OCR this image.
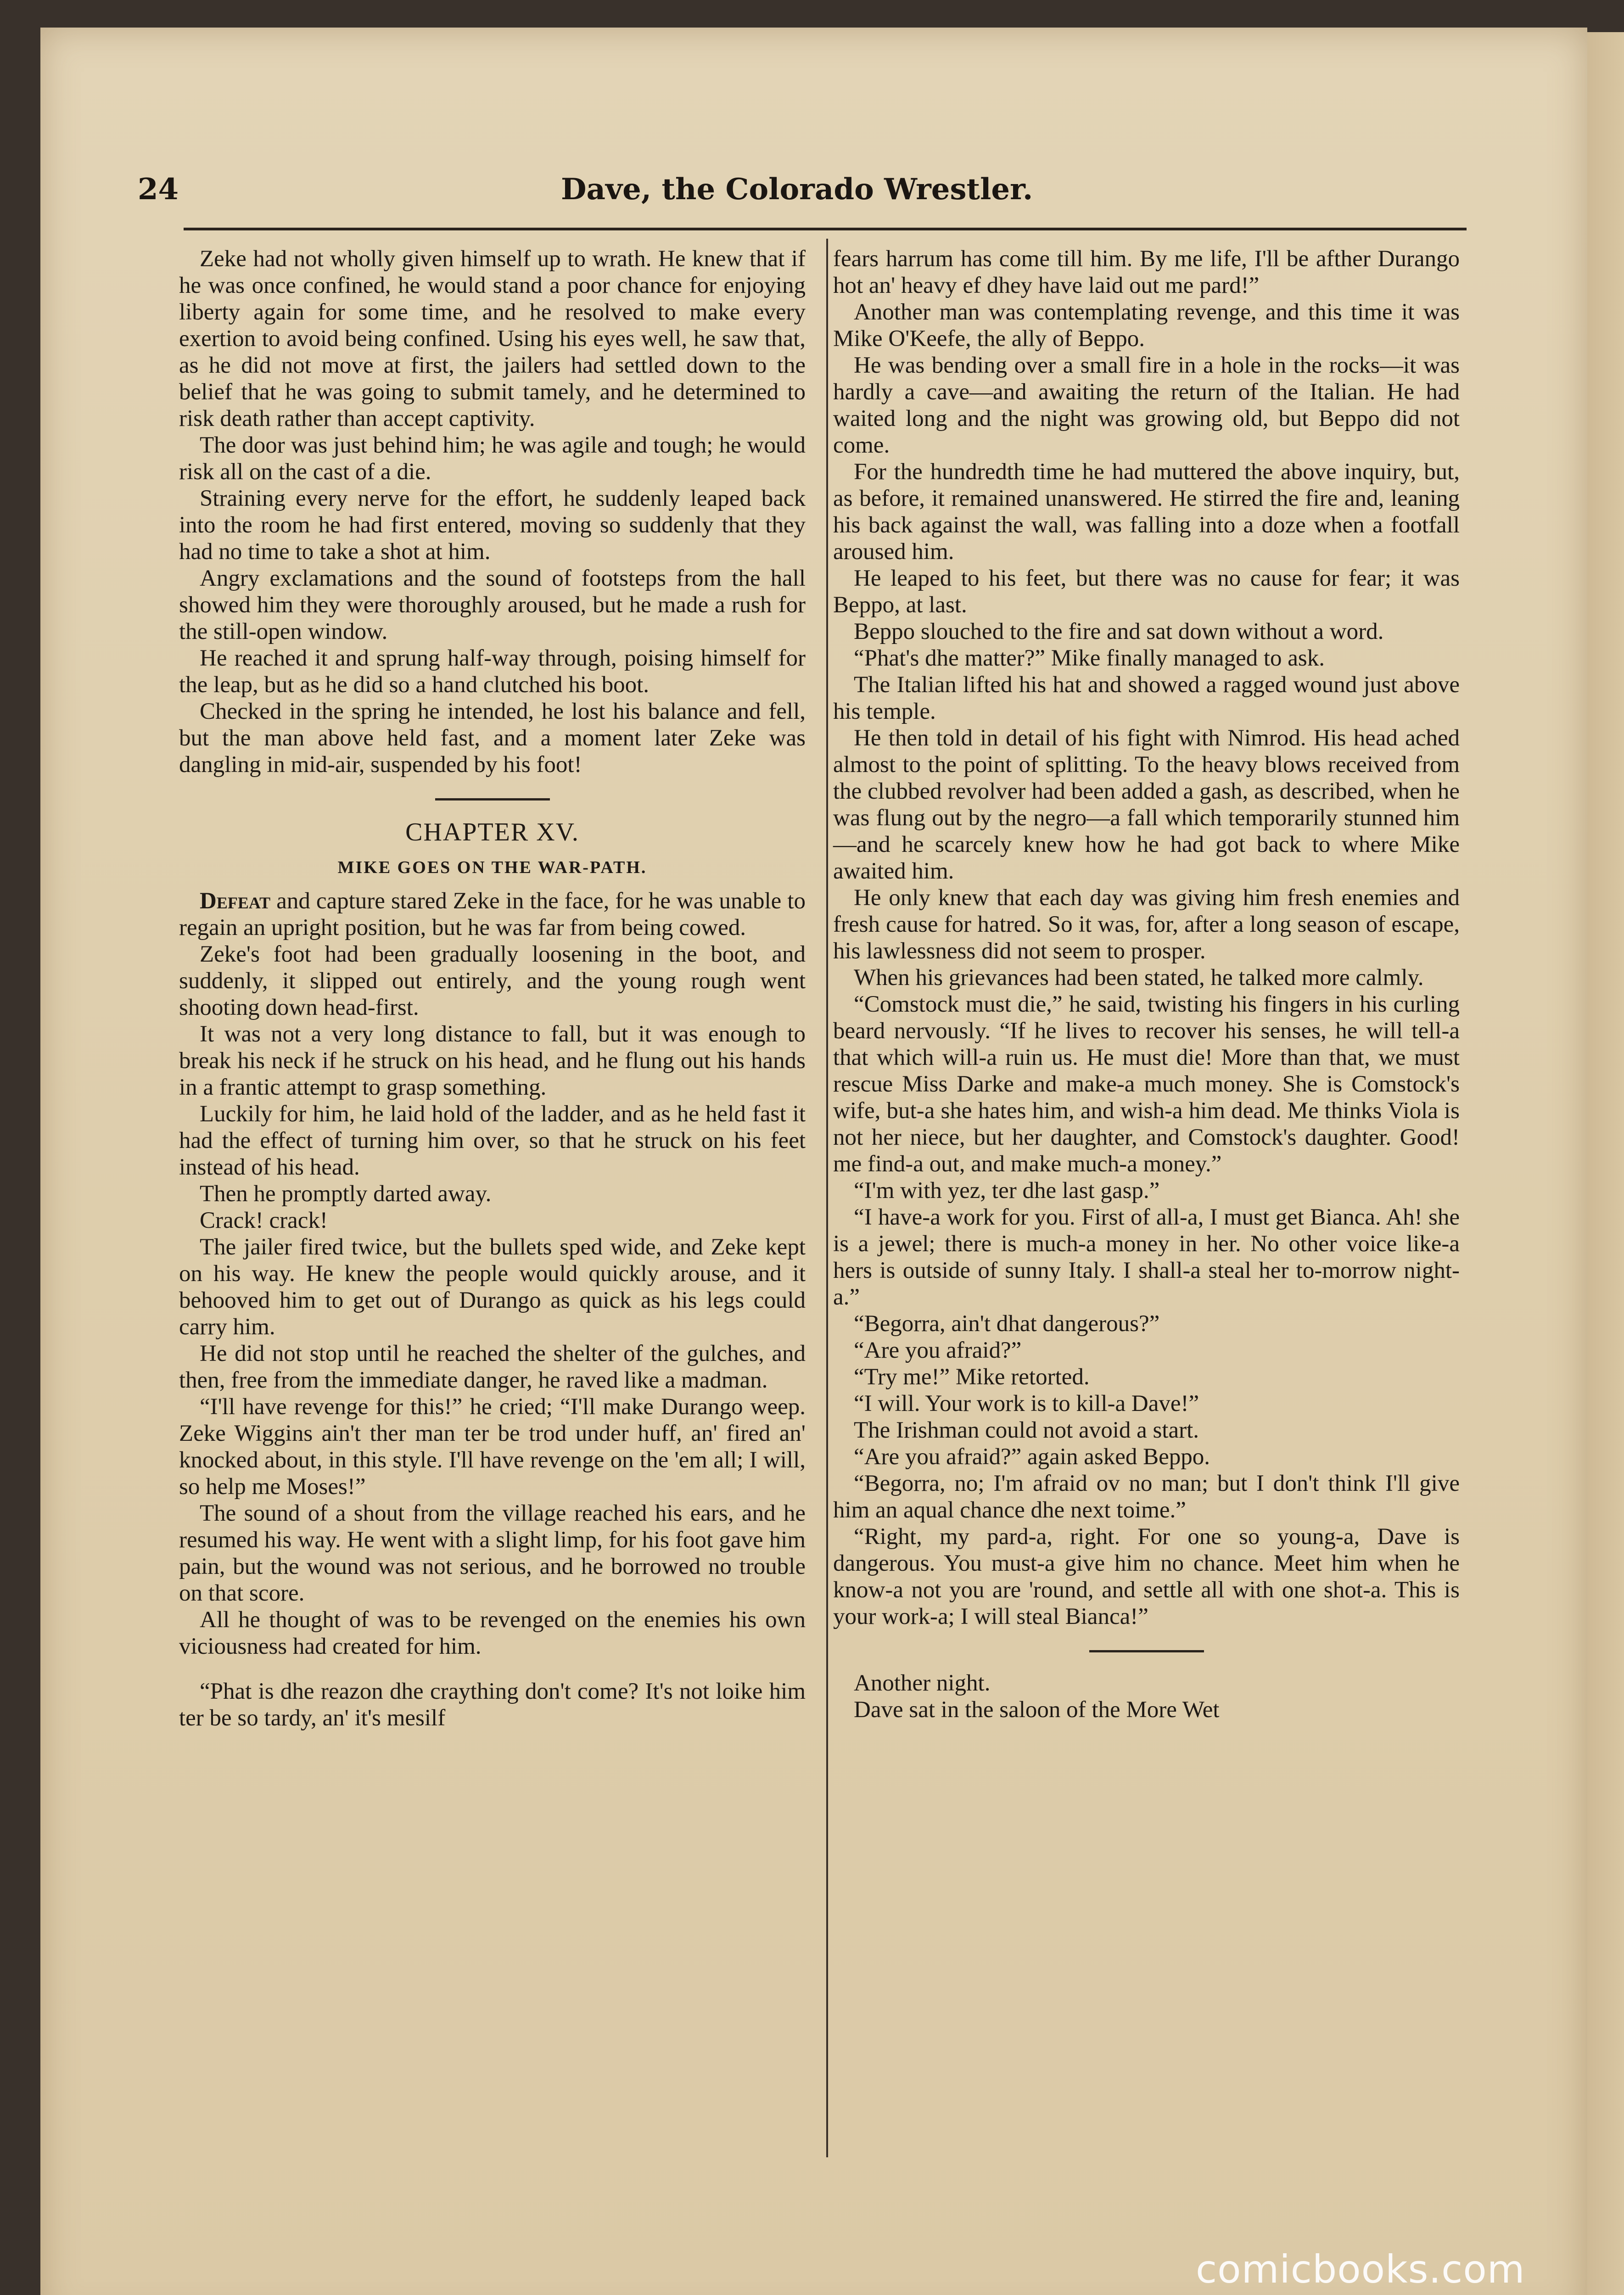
24	Dave, the Colorado Wrestler.

Zeke had not wholly given himself up to wrath. He knew that if he was once confined, he would stand a poor chance for enjoying liberty again for some time, and he resolved to make every exertion to avoid being confined. Using his eyes well, he saw that, as he did not move at first, the jailers had settled down to the belief that he was going to submit tamely, and he determined to risk death rather than accept captivity.

The door was just behind him; he was agile and tough; he would risk all on the cast of a die.

Straining every nerve for the effort, he suddenly leaped back into the room he had first entered, moving so suddenly that they had no time to take a shot at him.

Angry exclamations and the sound of footsteps from the hall showed him they were thoroughly aroused, but he made a rush for the still-open window.

He reached it and sprung half-way through, poising himself for the leap, but as he did so a hand clutched his boot.

Checked in the spring he intended, he lost his balance and fell, but the man above held fast, and a moment later Zeke was dangling in mid-air, suspended by his foot!

CHAPTER XV.
MIKE GOES ON THE WAR-PATH.

Defeat and capture stared Zeke in the face, for he was unable to regain an upright position, but he was far from being cowed.

Zeke's foot had been gradually loosening in the boot, and suddenly, it slipped out entirely, and the young rough went shooting down head-first.

It was not a very long distance to fall, but it was enough to break his neck if he struck on his head, and he flung out his hands in a frantic attempt to grasp something.

Luckily for him, he laid hold of the ladder, and as he held fast it had the effect of turning him over, so that he struck on his feet instead of his head.

Then he promptly darted away.

Crack! crack!

The jailer fired twice, but the bullets sped wide, and Zeke kept on his way. He knew the people would quickly arouse, and it behooved him to get out of Durango as quick as his legs could carry him.

He did not stop until he reached the shelter of the gulches, and then, free from the immediate danger, he raved like a madman.

“I'll have revenge for this!” he cried; “I'll make Durango weep. Zeke Wiggins ain't ther man ter be trod under huff, an' fired an' knocked about, in this style. I'll have revenge on the 'em all; I will, so help me Moses!”

The sound of a shout from the village reached his ears, and he resumed his way. He went with a slight limp, for his foot gave him pain, but the wound was not serious, and he borrowed no trouble on that score.

All he thought of was to be revenged on the enemies his own viciousness had created for him.

“Phat is dhe reazon dhe craything don't come? It's not loike him ter be so tardy, an' it's mesilf

fears harrum has come till him. By me life, I'll be afther Durango hot an' heavy ef dhey have laid out me pard!”

Another man was contemplating revenge, and this time it was Mike O'Keefe, the ally of Beppo.

He was bending over a small fire in a hole in the rocks—it was hardly a cave—and awaiting the return of the Italian. He had waited long and the night was growing old, but Beppo did not come.

For the hundredth time he had muttered the above inquiry, but, as before, it remained unanswered. He stirred the fire and, leaning his back against the wall, was falling into a doze when a footfall aroused him.

He leaped to his feet, but there was no cause for fear; it was Beppo, at last.

Beppo slouched to the fire and sat down without a word.

“Phat's dhe matter?” Mike finally managed to ask.

The Italian lifted his hat and showed a ragged wound just above his temple.

He then told in detail of his fight with Nimrod. His head ached almost to the point of splitting. To the heavy blows received from the clubbed revolver had been added a gash, as described, when he was flung out by the negro—a fall which temporarily stunned him—and he scarcely knew how he had got back to where Mike awaited him.

He only knew that each day was giving him fresh enemies and fresh cause for hatred. So it was, for, after a long season of escape, his lawlessness did not seem to prosper.

When his grievances had been stated, he talked more calmly.

“Comstock must die,” he said, twisting his fingers in his curling beard nervously. “If he lives to recover his senses, he will tell-a that which will-a ruin us. He must die! More than that, we must rescue Miss Darke and make-a much money. She is Comstock's wife, but-a she hates him, and wish-a him dead. Me thinks Viola is not her niece, but her daughter, and Comstock's daughter. Good! me find-a out, and make much-a money.”

“I'm with yez, ter dhe last gasp.”

“I have-a work for you. First of all-a, I must get Bianca. Ah! she is a jewel; there is much-a money in her. No other voice like-a hers is outside of sunny Italy. I shall-a steal her to-morrow night-a.”

“Begorra, ain't dhat dangerous?”

“Are you afraid?”

“Try me!” Mike retorted.

“I will. Your work is to kill-a Dave!”

The Irishman could not avoid a start.

“Are you afraid?” again asked Beppo.

“Begorra, no; I'm afraid ov no man; but I don't think I'll give him an aqual chance dhe next toime.”

“Right, my pard-a, right. For one so young-a, Dave is dangerous. You must-a give him no chance. Meet him when he know-a not you are 'round, and settle all with one shot-a. This is your work-a; I will steal Bianca!”

Another night.

Dave sat in the saloon of the More Wet

comicbooks.com
